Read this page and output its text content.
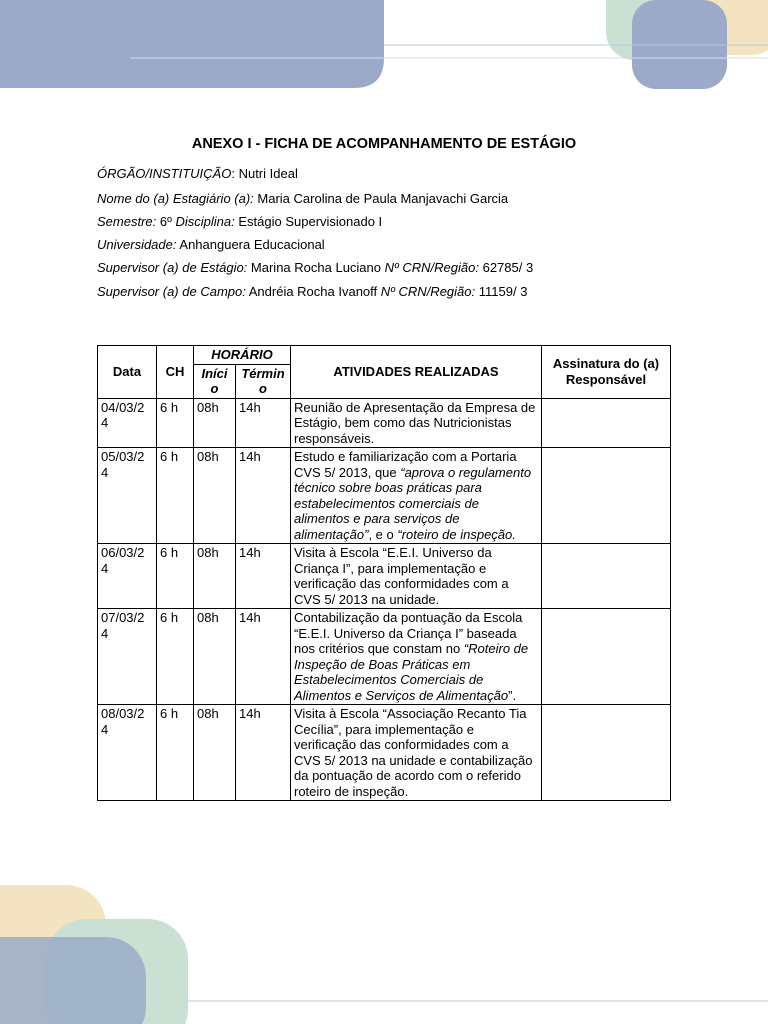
ANEXO I - FICHA DE ACOMPANHAMENTO DE ESTÁGIO
ÓRGÃO/INSTITUIÇÃO: Nutri Ideal
Nome do (a) Estagiário (a): Maria Carolina de Paula Manjavachi Garcia
Semestre: 6º Disciplina: Estágio Supervisionado I
Universidade: Anhanguera Educacional
Supervisor (a) de Estágio: Marina Rocha Luciano Nº CRN/Região: 62785/ 3
Supervisor (a) de Campo: Andréia Rocha Ivanoff Nº CRN/Região: 11159/ 3
Data	CH	HORÁRIO		ATIVIDADES REALIZADAS	Assinatura do (a) Responsável
		Iníci o	Términ o		
04/03/2 4	6 h	08h	14h	Reunião de Apresentação da Empresa de Estágio, bem como das Nutricionistas responsáveis.	
05/03/2 4	6 h	08h	14h	Estudo e familiarização com a Portaria CVS 5/ 2013, que “aprova o regulamento técnico sobre boas práticas para estabelecimentos comerciais de alimentos e para serviços de alimentação”, e o “roteiro de inspeção.	
06/03/2 4	6 h	08h	14h	Visita à Escola “E.E.I. Universo da Criança I”, para implementação e verificação das conformidades com a CVS 5/ 2013 na unidade.	
07/03/2 4	6 h	08h	14h	Contabilização da pontuação da Escola “E.E.I. Universo da Criança I” baseada nos critérios que constam no “Roteiro de Inspeção de Boas Práticas em Estabelecimentos Comerciais de Alimentos e Serviços de Alimentação”.	
08/03/2 4	6 h	08h	14h	Visita à Escola “Associação Recanto Tia Cecília”, para implementação e verificação das conformidades com a CVS 5/ 2013 na unidade e contabilização da pontuação de acordo com o referido roteiro de inspeção.	
